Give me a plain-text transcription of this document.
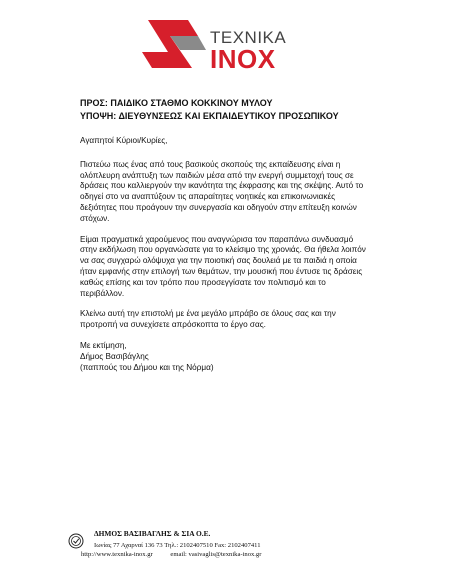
TEXNIKA
INOX
ΠΡΟΣ: ΠΑΙΔΙΚΟ ΣΤΑΘΜΟ ΚΟΚΚΙΝΟΥ ΜΥΛΟΥ
ΥΠΟΨΗ: ΔΙΕΥΘΥΝΣΕΩΣ ΚΑΙ ΕΚΠΑΙΔΕΥΤΙΚΟΥ ΠΡΟΣΩΠΙΚΟΥ

Αγαπητοί Κύριοι/Κυρίες,

Πιστεύω πως ένας από τους βασικούς σκοπούς της εκπαίδευσης είναι η ολόπλευρη ανάπτυξη των παιδιών μέσα από την ενεργή συμμετοχή τους σε δράσεις που καλλιεργούν την ικανότητα της έκφρασης και της σκέψης. Αυτό το οδηγεί στο να αναπτύξουν τις απαραίτητες νοητικές και επικοινωνιακές δεξιότητες που προάγουν την συνεργασία και οδηγούν στην επίτευξη κοινών στόχων.

Είμαι πραγματικά χαρούμενος που αναγνώρισα τον παραπάνω συνδυασμό στην εκδήλωση που οργανώσατε για το κλείσιμο της χρονιάς. Θα ήθελα λοιπόν να σας συγχαρώ ολόψυχα για την ποιοτική σας δουλειά με τα παιδιά η οποία ήταν εμφανής στην επιλογή των θεμάτων, την μουσική που έντυσε τις δράσεις καθώς επίσης και τον τρόπο που προσεγγίσατε τον πολιτισμό και το περιβάλλον.

Κλείνω αυτή την επιστολή με ένα μεγάλο μπράβο σε όλους σας και την προτροπή να συνεχίσετε απρόσκοπτα το έργο σας.

Με εκτίμηση,
Δήμος Βασιβάγλης
(παππούς του Δήμου και της Νόρμα)
ΔΗΜΟΣ ΒΑΣΙΒΑΓΛΗΣ & ΣΙΑ Ο.Ε.
Ιωνίας 77 Αχαρναί 136 73 Τηλ.: 2102407510 Fax: 2102407411
http://www.texnika-inox.gr	email: vasivaglis@texnika-inox.gr
